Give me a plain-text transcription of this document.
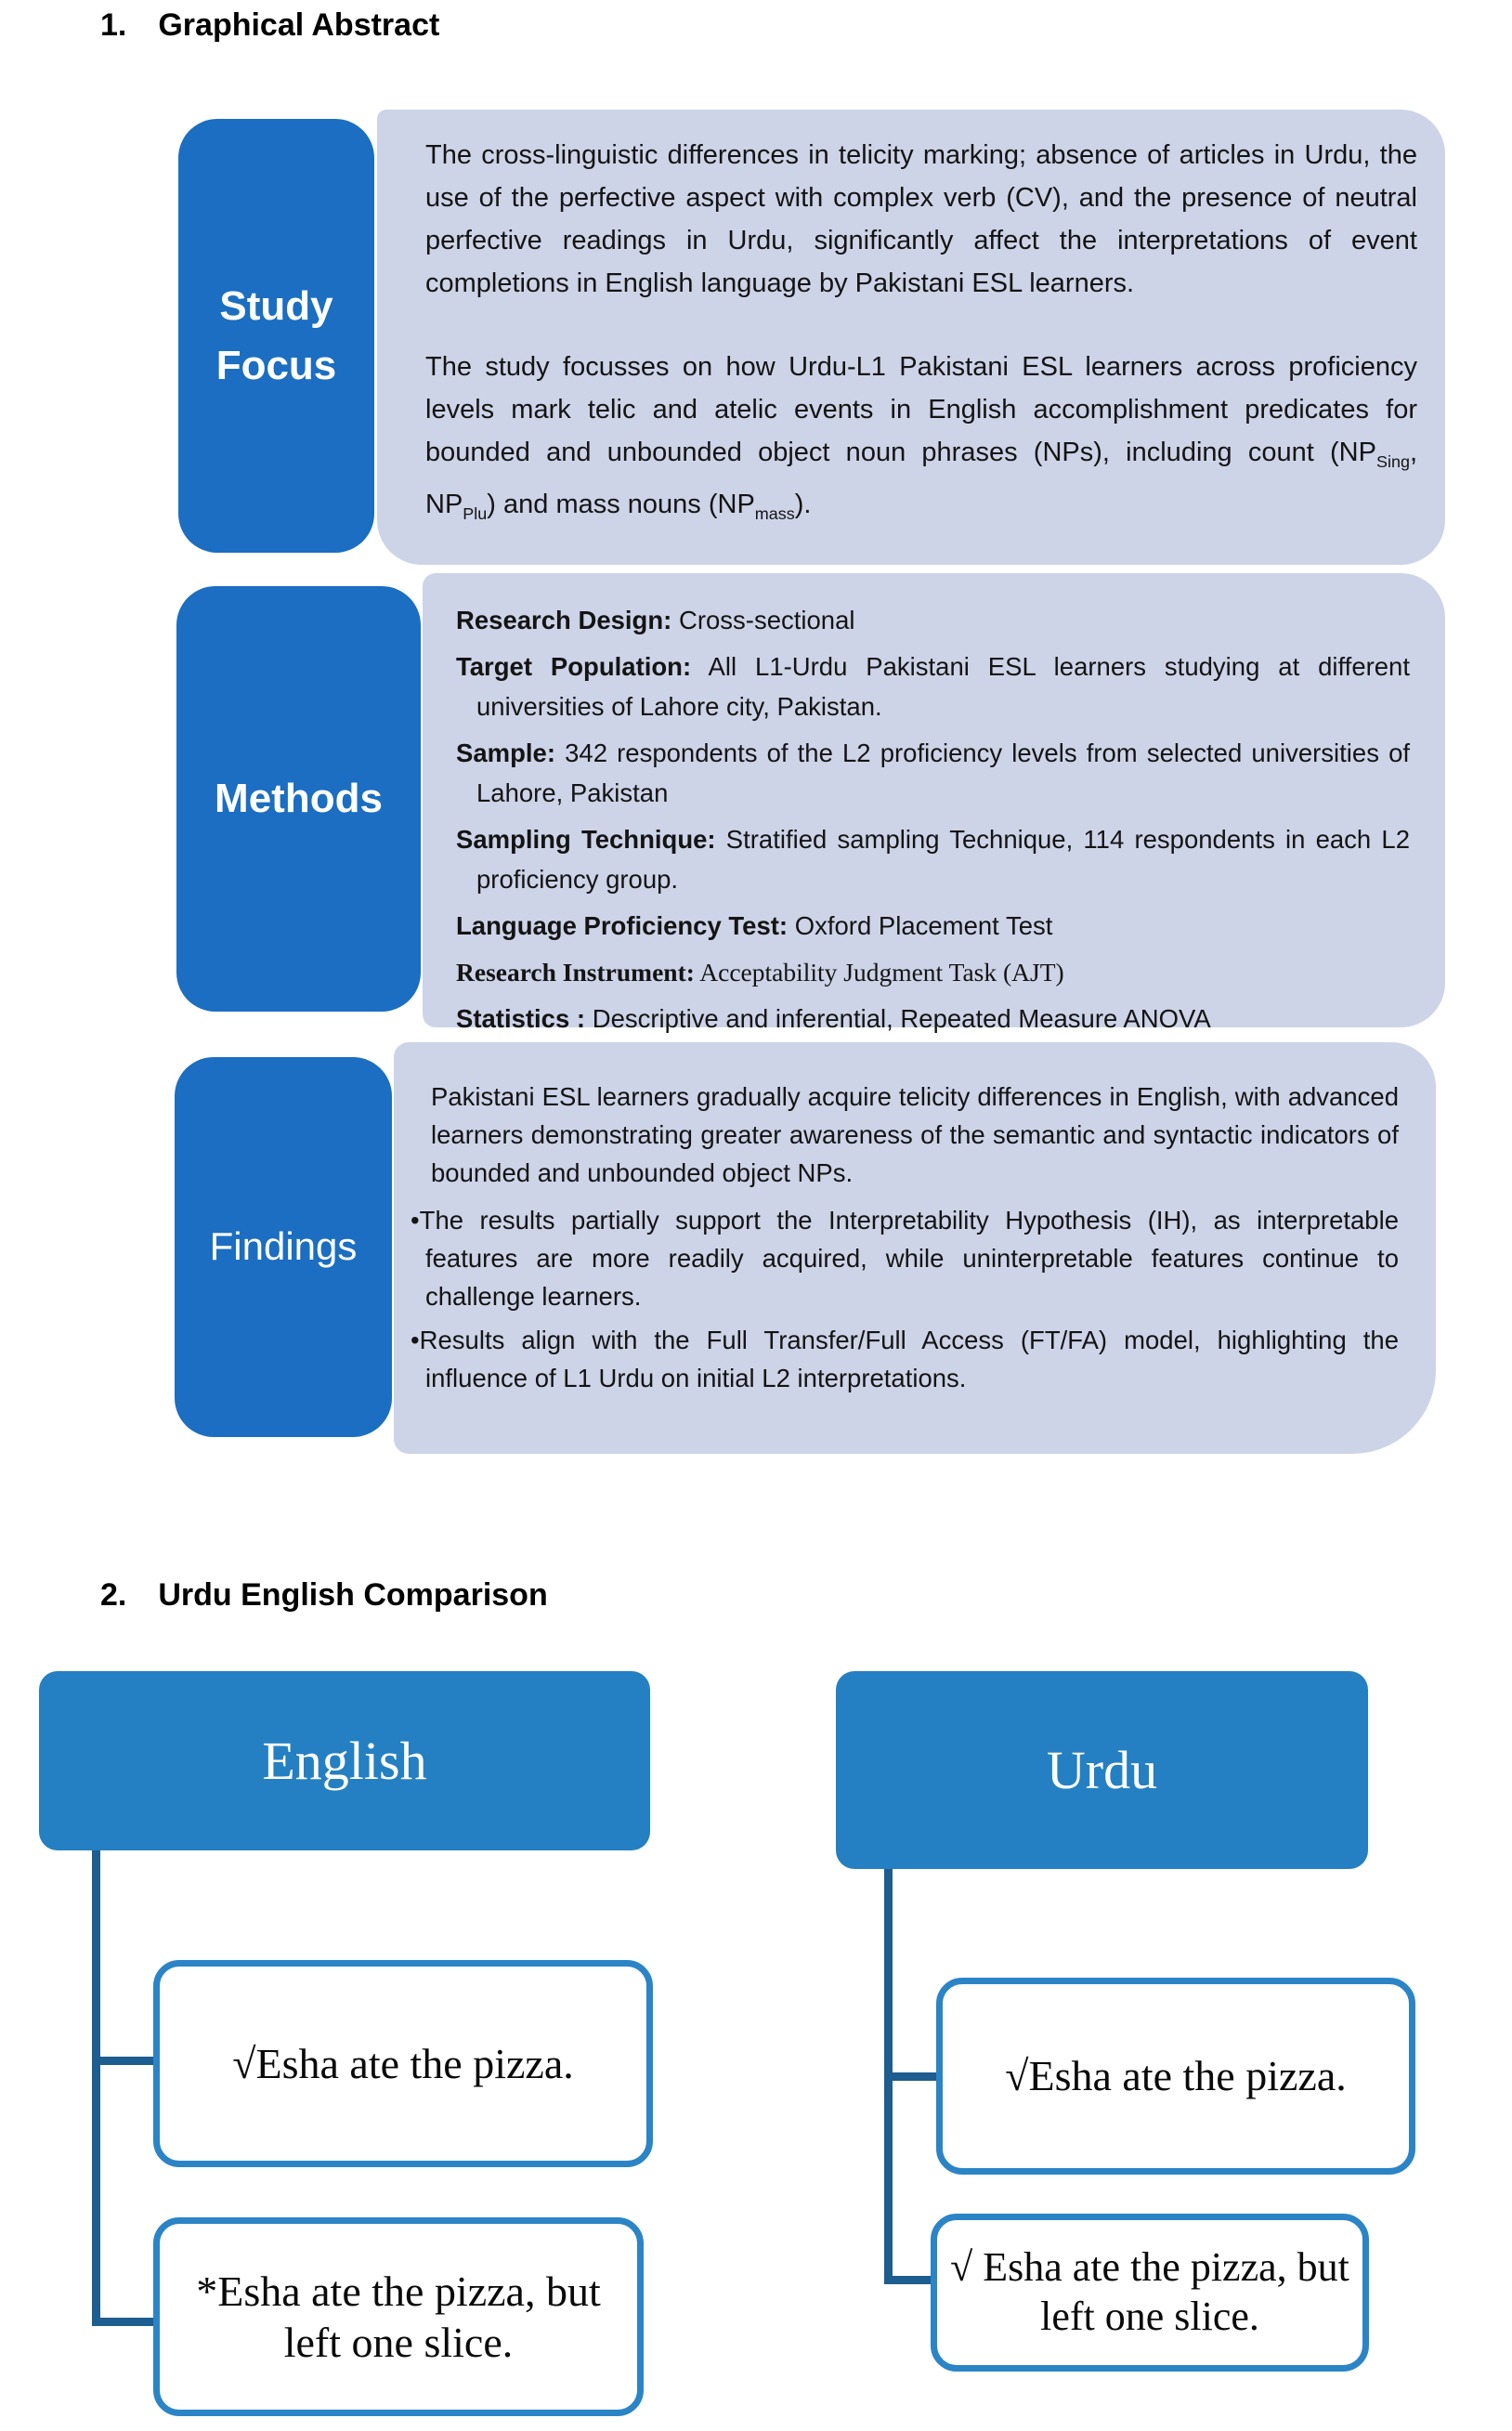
1. Graphical Abstract
Study Focus

The cross-linguistic differences in telicity marking; absence of articles in Urdu, the use of the perfective aspect with complex verb (CV), and the presence of neutral perfective readings in Urdu, significantly affect the interpretations of event completions in English language by Pakistani ESL learners.

The study focusses on how Urdu-L1 Pakistani ESL learners across proficiency levels mark telic and atelic events in English accomplishment predicates for bounded and unbounded object noun phrases (NPs), including count ($NP_{Sing}$, $NP_{Plu}$) and mass nouns $(NP_{mass})$.

Methods

Research Design: Cross-sectional

Target Population: All L1-Urdu Pakistani ESL learners studying at different universities of Lahore city, Pakistan.

Sample: 342 respondents of the L2 proficiency levels from selected universities of Lahore, Pakistan

Sampling Technique: Stratified sampling Technique, 114 respondents in each L2 proficiency group.

Language Proficiency Test: Oxford Placement Test

Research Instrument: Acceptability Judgment Task (AJT)

Statistics : Descriptive and inferential, Repeated Measure ANOVA

Findings

Pakistani ESL learners gradually acquire telicity differences in English, with advanced learners demonstrating greater awareness of the semantic and syntactic indicators of bounded and unbounded object NPs.

•The results partially support the Interpretability Hypothesis (IH), as interpretable features are more readily acquired, while uninterpretable features continue to challenge learners.

•Results align with the Full Transfer/Full Access (FT/FA) model, highlighting the influence of L1 Urdu on initial L2 interpretations.

2. Urdu English Comparison
English
√Esha ate the pizza.
*Esha ate the pizza, but left one slice.
Urdu
√Esha ate the pizza.
√ Esha ate the pizza, but left one slice.
